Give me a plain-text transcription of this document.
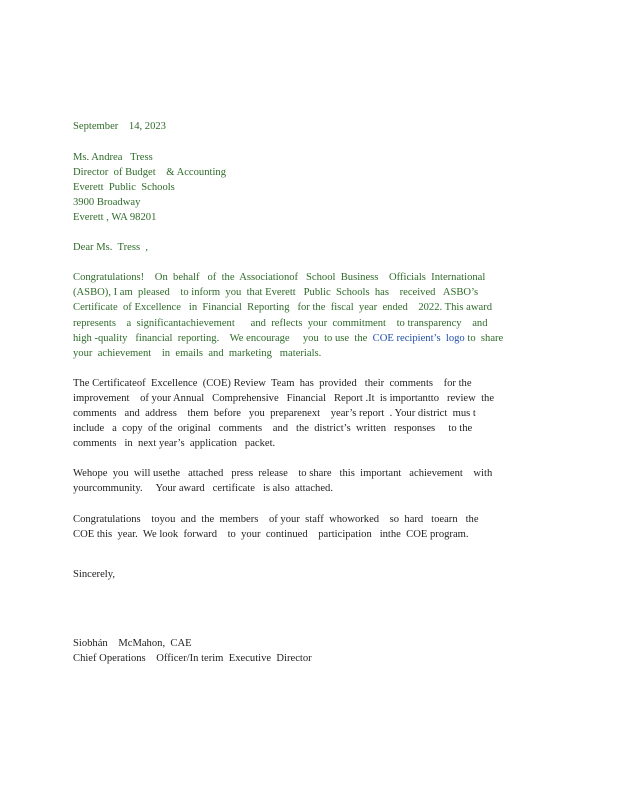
September    14, 2023
Ms. Andrea   Tress
Director  of Budget    & Accounting
Everett  Public  Schools
3900 Broadway
Everett , WA 98201
Dear Ms.  Tress  ,
Congratulations!    On  behalf   of  the  Associationof   School  Business    Officials  International
(ASBO), I am  pleased    to inform  you  that Everett   Public  Schools  has    received   ASBO’s
Certificate  of Excellence   in  Financial  Reporting   for the  fiscal  year  ended    2022. This award
represents    a  significantachievement      and  reflects  your  commitment    to transparency    and
high -quality   financial  reporting.    We encourage     you  to use  the  COE recipient’s  logo to  share
your  achievement    in  emails  and  marketing   materials.
The Certificateof  Excellence  (COE) Review  Team  has  provided   their  comments    for the
improvement    of your Annual   Comprehensive   Financial   Report .It  is importantto   review  the
comments   and  address    them  before   you  preparenext    year’s report  . Your district  mus t
include   a  copy  of the  original   comments    and   the  district’s  written   responses     to the
comments   in  next year’s  application   packet.
Wehope  you  will usethe   attached   press  release    to share   this  important   achievement    with
yourcommunity.     Your award   certificate   is also  attached.
Congratulations    toyou  and  the  members    of your  staff  whoworked    so  hard   toearn   the
COE this  year.  We look  forward    to  your  continued    participation   inthe  COE program.
Sincerely,
Siobhán    McMahon,  CAE
Chief Operations    Officer/In terim  Executive  Director
